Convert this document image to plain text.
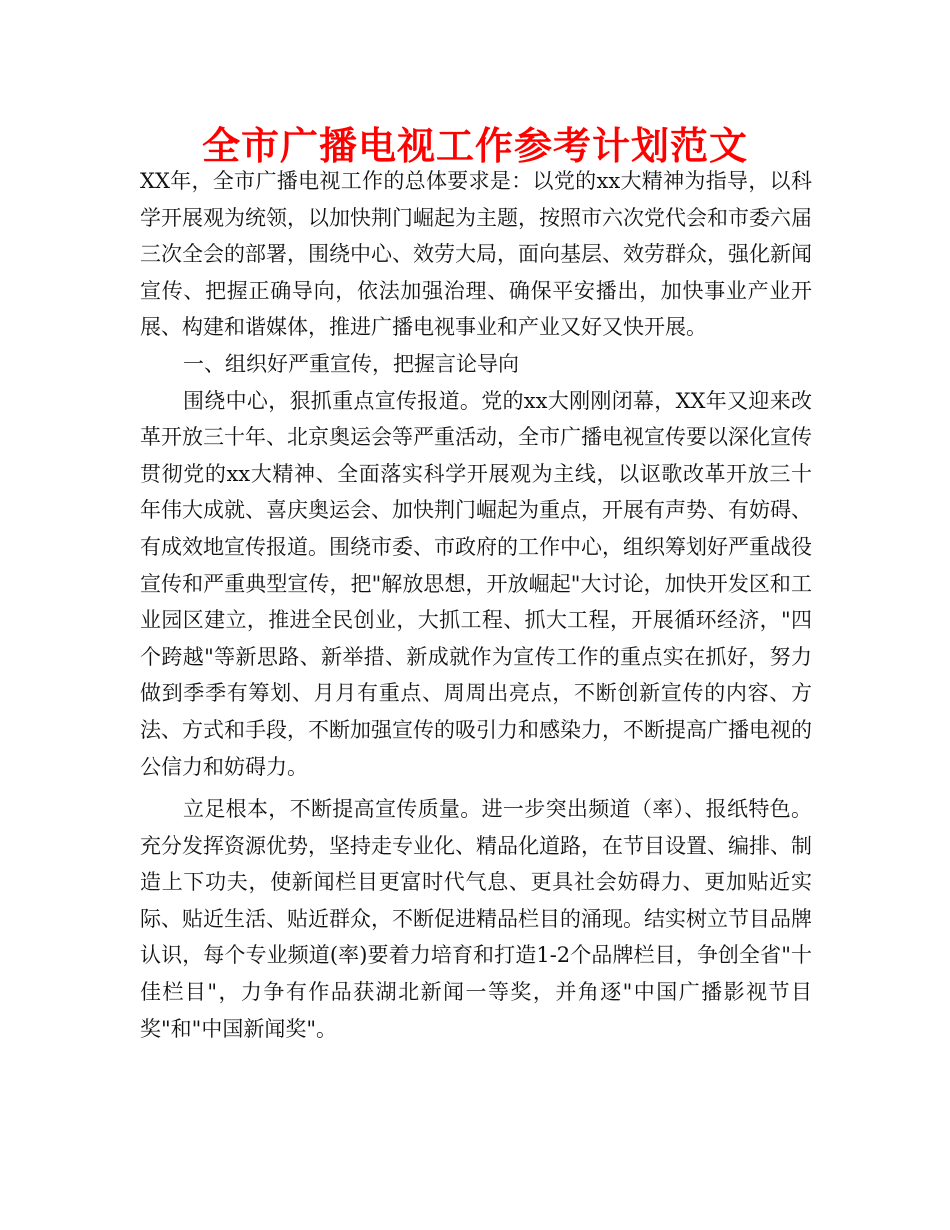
全市广播电视工作参考计划范文

XX年，全市广播电视工作的总体要求是：以党的xx大精神为指导，以科学开展观为统领，以加快荆门崛起为主题，按照市六次党代会和市委六届三次全会的部署，围绕中心、效劳大局，面向基层、效劳群众，强化新闻宣传、把握正确导向，依法加强治理、确保平安播出，加快事业产业开展、构建和谐媒体，推进广播电视事业和产业又好又快开展。

一、组织好严重宣传，把握言论导向

围绕中心，狠抓重点宣传报道。党的xx大刚刚闭幕，XX年又迎来改革开放三十年、北京奥运会等严重活动，全市广播电视宣传要以深化宣传贯彻党的xx大精神、全面落实科学开展观为主线，以讴歌改革开放三十年伟大成就、喜庆奥运会、加快荆门崛起为重点，开展有声势、有妨碍、有成效地宣传报道。围绕市委、市政府的工作中心，组织筹划好严重战役宣传和严重典型宣传，把"解放思想，开放崛起"大讨论，加快开发区和工业园区建立，推进全民创业，大抓工程、抓大工程，开展循环经济，"四个跨越"等新思路、新举措、新成就作为宣传工作的重点实在抓好，努力做到季季有筹划、月月有重点、周周出亮点，不断创新宣传的内容、方法、方式和手段，不断加强宣传的吸引力和感染力，不断提高广播电视的公信力和妨碍力。

立足根本，不断提高宣传质量。进一步突出频道（率）、报纸特色。充分发挥资源优势，坚持走专业化、精品化道路，在节目设置、编排、制造上下功夫，使新闻栏目更富时代气息、更具社会妨碍力、更加贴近实际、贴近生活、贴近群众，不断促进精品栏目的涌现。结实树立节目品牌认识，每个专业频道(率)要着力培育和打造1-2个品牌栏目，争创全省"十佳栏目"，力争有作品获湖北新闻一等奖，并角逐"中国广播影视节目奖"和"中国新闻奖"。
